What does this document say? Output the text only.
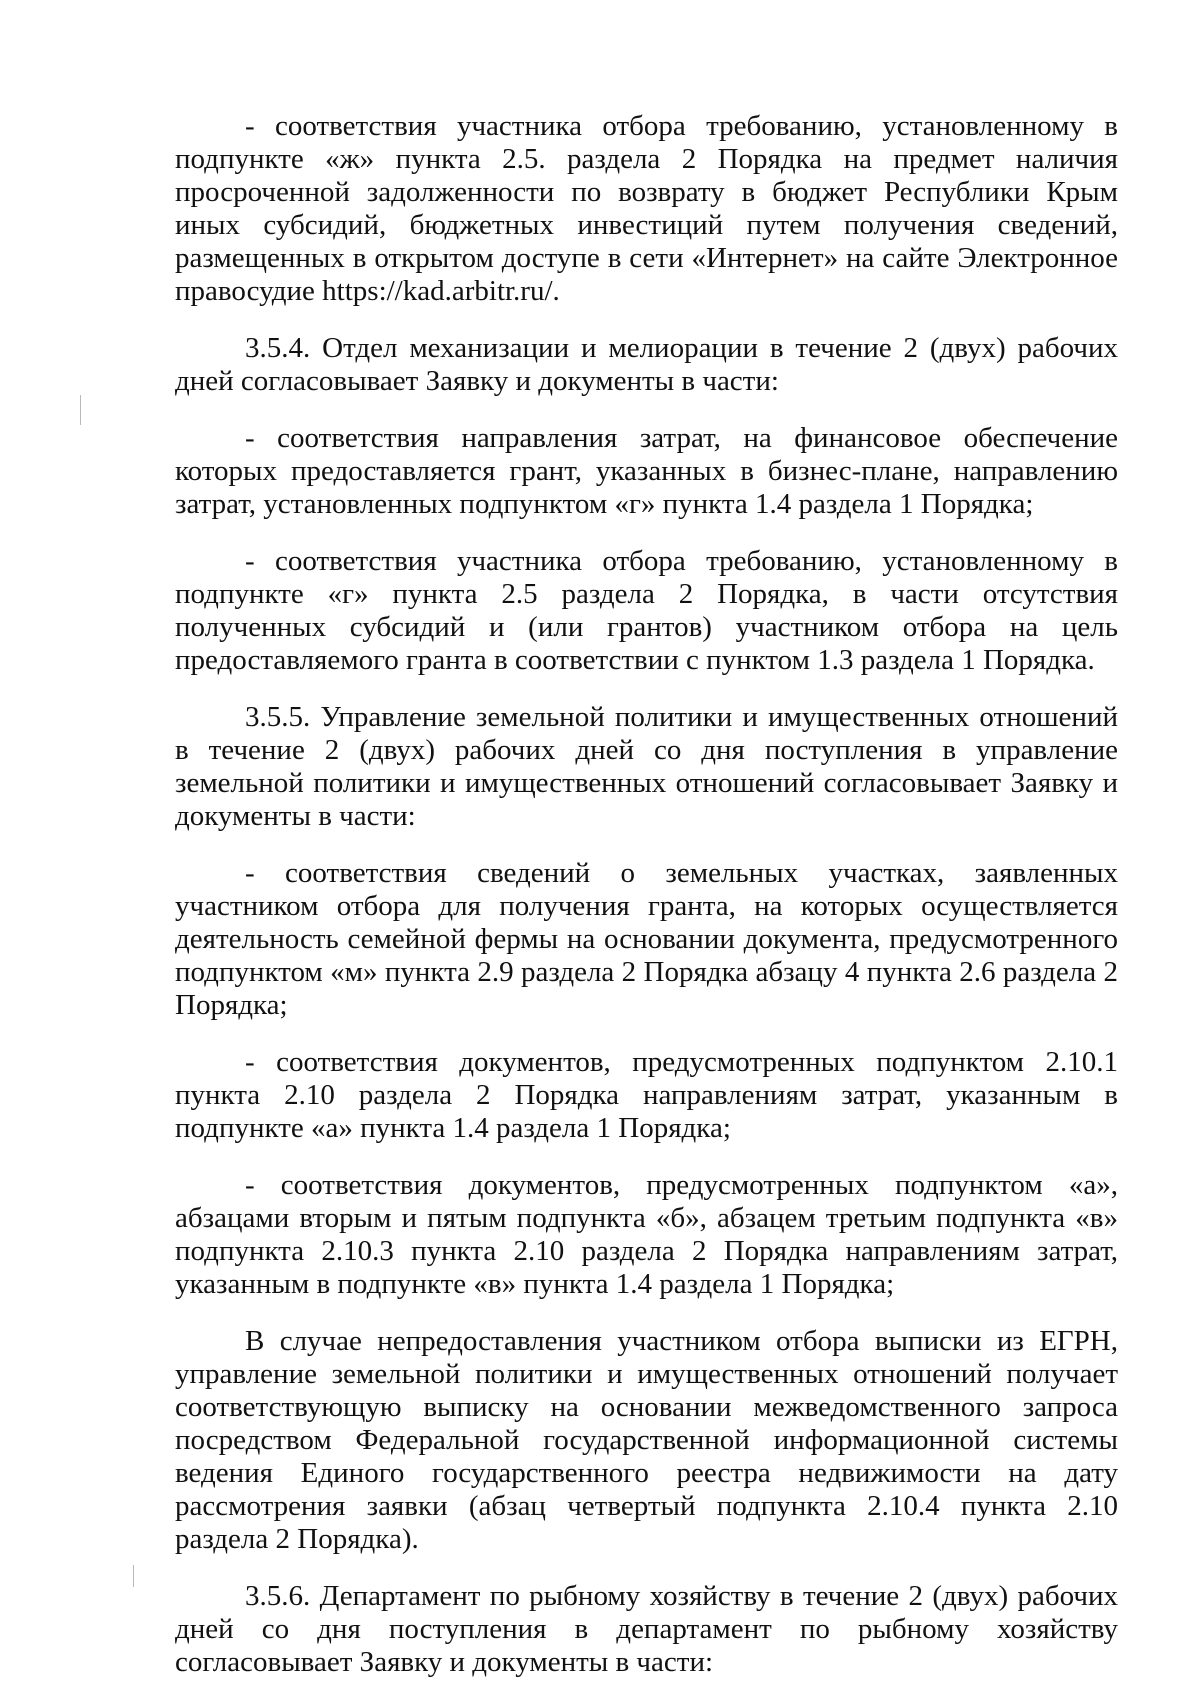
- соответствия участника отбора требованию, установленному в подпункте «ж» пункта 2.5. раздела 2 Порядка на предмет наличия просроченной задолженности по возврату в бюджет Республики Крым иных субсидий, бюджетных инвестиций путем получения сведений, размещенных в открытом доступе в сети «Интернет» на сайте Электронное правосудие https://kad.arbitr.ru/.

3.5.4. Отдел механизации и мелиорации в течение 2 (двух) рабочих дней согласовывает Заявку и документы в части:

- соответствия направления затрат, на финансовое обеспечение которых предоставляется грант, указанных в бизнес-плане, направлению затрат, установленных подпунктом «г» пункта 1.4 раздела 1 Порядка;

- соответствия участника отбора требованию, установленному в подпункте «г» пункта 2.5 раздела 2 Порядка, в части отсутствия полученных субсидий и (или грантов) участником отбора на цель предоставляемого гранта в соответствии с пунктом 1.3 раздела 1 Порядка.

3.5.5. Управление земельной политики и имущественных отношений в течение 2 (двух) рабочих дней со дня поступления в управление земельной политики и имущественных отношений согласовывает Заявку и документы в части:

- соответствия сведений о земельных участках, заявленных участником отбора для получения гранта, на которых осуществляется деятельность семейной фермы на основании документа, предусмотренного подпунктом «м» пункта 2.9 раздела 2 Порядка абзацу 4 пункта 2.6 раздела 2 Порядка;

- соответствия документов, предусмотренных подпунктом 2.10.1 пункта 2.10 раздела 2 Порядка направлениям затрат, указанным в подпункте «а» пункта 1.4 раздела 1 Порядка;

- соответствия документов, предусмотренных подпунктом «а», абзацами вторым и пятым подпункта «б», абзацем третьим подпункта «в» подпункта 2.10.3 пункта 2.10 раздела 2 Порядка направлениям затрат, указанным в подпункте «в» пункта 1.4 раздела 1 Порядка;

В случае непредоставления участником отбора выписки из ЕГРН, управление земельной политики и имущественных отношений получает соответствующую выписку на основании межведомственного запроса посредством Федеральной государственной информационной системы ведения Единого государственного реестра недвижимости на дату рассмотрения заявки (абзац четвертый подпункта 2.10.4 пункта 2.10 раздела 2 Порядка).

3.5.6. Департамент по рыбному хозяйству в течение 2 (двух) рабочих дней со дня поступления в департамент по рыбному хозяйству согласовывает Заявку и документы в части:
